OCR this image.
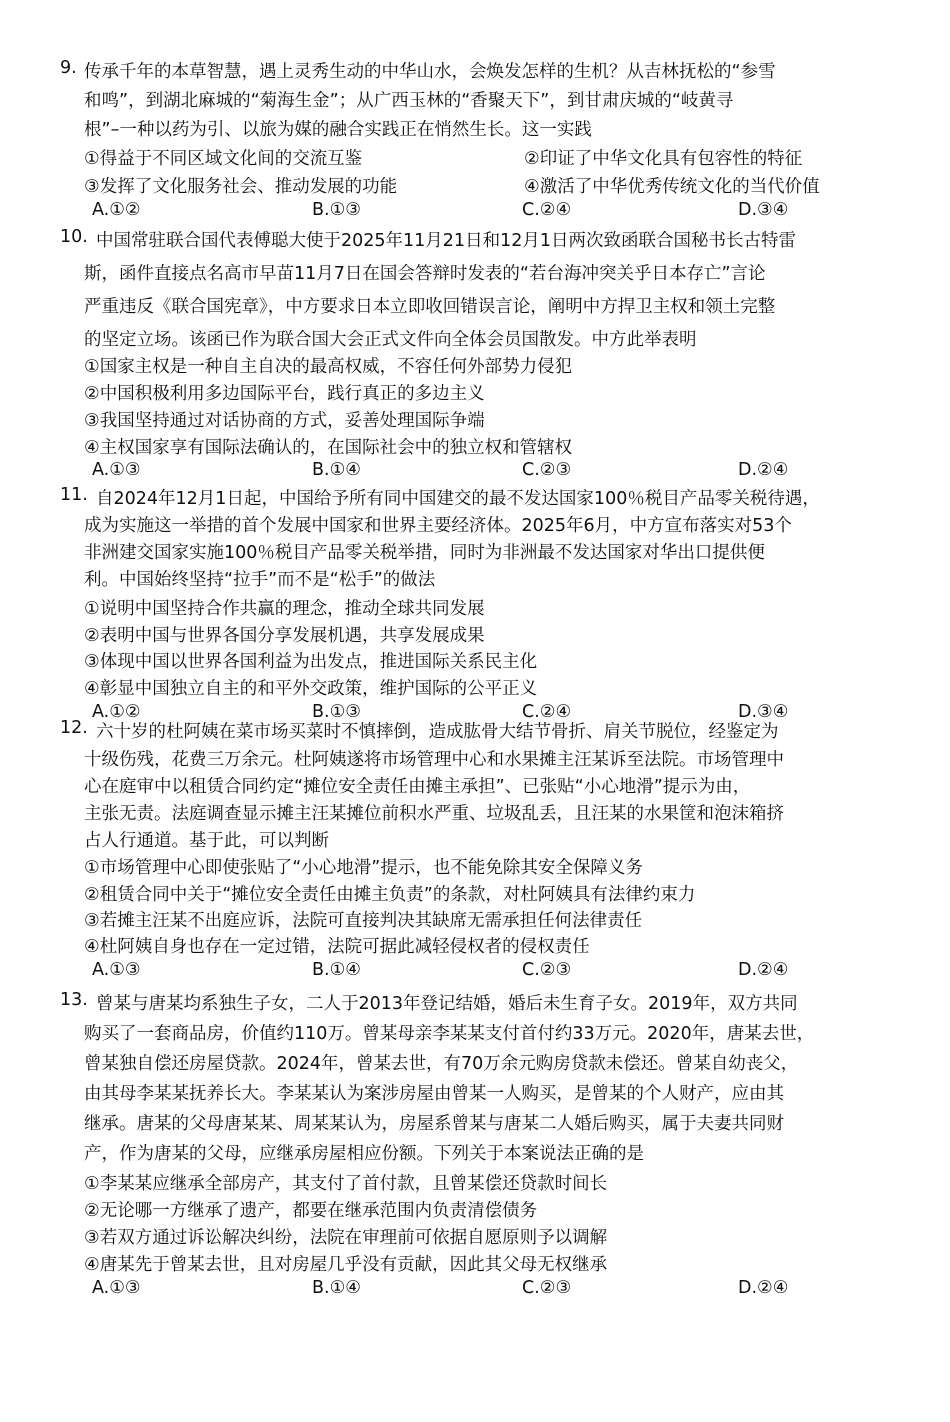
9. 传承千年的本草智慧，遇上灵秀生动的中华山水，会焕发怎样的生机？从吉林抚松的“参雪
和鸣”，到湖北麻城的“菊海生金”；从广西玉林的“香聚天下”，到甘肃庆城的“岐黄寻
根”–一种以药为引、以旅为媒的融合实践正在悄然生长。这一实践
①得益于不同区域文化间的交流互鉴	②印证了中华文化具有包容性的特征
③发挥了文化服务社会、推动发展的功能	④激活了中华优秀传统文化的当代价值
A.①②	B.①③	C.②④	D.③④
10. 中国常驻联合国代表傅聪大使于2025年11月21日和12月1日两次致函联合国秘书长古特雷
斯，函件直接点名高市早苗11月7日在国会答辩时发表的“若台海冲突关乎日本存亡”言论
严重违反《联合国宪章》，中方要求日本立即收回错误言论，阐明中方捍卫主权和领土完整
的坚定立场。该函已作为联合国大会正式文件向全体会员国散发。中方此举表明
①国家主权是一种自主自决的最高权威，不容任何外部势力侵犯
②中国积极利用多边国际平台，践行真正的多边主义
③我国坚持通过对话协商的方式，妥善处理国际争端
④主权国家享有国际法确认的，在国际社会中的独立权和管辖权
A.①③	B.①④	C.②③	D.②④
11. 自2024年12月1日起，中国给予所有同中国建交的最不发达国家100％税目产品零关税待遇，
成为实施这一举措的首个发展中国家和世界主要经济体。2025年6月，中方宣布落实对53个
非洲建交国家实施100％税目产品零关税举措，同时为非洲最不发达国家对华出口提供便
利。中国始终坚持“拉手”而不是“松手”的做法
①说明中国坚持合作共赢的理念，推动全球共同发展
②表明中国与世界各国分享发展机遇，共享发展成果
③体现中国以世界各国利益为出发点，推进国际关系民主化
④彰显中国独立自主的和平外交政策，维护国际的公平正义
A.①②	B.①③	C.②④	D.③④
12. 六十岁的杜阿姨在菜市场买菜时不慎摔倒，造成肱骨大结节骨折、肩关节脱位，经鉴定为
十级伤残，花费三万余元。杜阿姨遂将市场管理中心和水果摊主汪某诉至法院。市场管理中
心在庭审中以租赁合同约定“摊位安全责任由摊主承担”、已张贴“小心地滑”提示为由，
主张无责。法庭调查显示摊主汪某摊位前积水严重、垃圾乱丢，且汪某的水果筐和泡沫箱挤
占人行通道。基于此，可以判断
①市场管理中心即使张贴了“小心地滑”提示，也不能免除其安全保障义务
②租赁合同中关于“摊位安全责任由摊主负责”的条款，对杜阿姨具有法律约束力
③若摊主汪某不出庭应诉，法院可直接判决其缺席无需承担任何法律责任
④杜阿姨自身也存在一定过错，法院可据此减轻侵权者的侵权责任
A.①③	B.①④	C.②③	D.②④
13. 曾某与唐某均系独生子女，二人于2013年登记结婚，婚后未生育子女。2019年，双方共同
购买了一套商品房，价值约110万。曾某母亲李某某支付首付约33万元。2020年，唐某去世，
曾某独自偿还房屋贷款。2024年，曾某去世，有70万余元购房贷款未偿还。曾某自幼丧父，
由其母李某某抚养长大。李某某认为案涉房屋由曾某一人购买，是曾某的个人财产，应由其
继承。唐某的父母唐某某、周某某认为，房屋系曾某与唐某二人婚后购买，属于夫妻共同财
产，作为唐某的父母，应继承房屋相应份额。下列关于本案说法正确的是
①李某某应继承全部房产，其支付了首付款，且曾某偿还贷款时间长
②无论哪一方继承了遗产，都要在继承范围内负责清偿债务
③若双方通过诉讼解决纠纷，法院在审理前可依据自愿原则予以调解
④唐某先于曾某去世，且对房屋几乎没有贡献，因此其父母无权继承
A.①③	B.①④	C.②③	D.②④
